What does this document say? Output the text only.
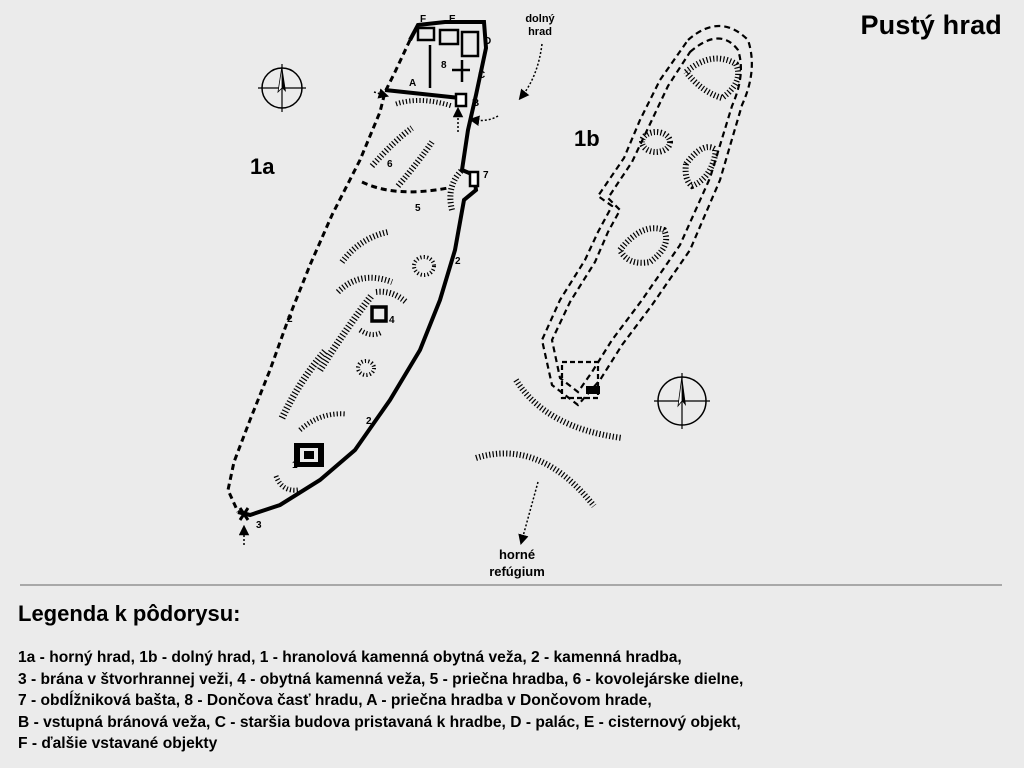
Pustý hrad
F E
D
C
B
A
8
7
6
5
4
3
2
2
2
1
1a
1b
dolný
hrad
horné
refúgium
Legenda k pôdorysu:
1a - horný hrad, 1b - dolný hrad, 1 - hranolová kamenná obytná veža, 2 - kamenná hradba,
3 - brána v štvorhrannej veži, 4 - obytná kamenná veža, 5 - priečna hradba, 6 - kovolejárske dielne,
7 - obdĺžniková bašta, 8 - Dončova časť hradu, A - priečna hradba v Dončovom hrade,
B - vstupná bránová veža, C - staršia budova pristavaná k hradbe, D - palác, E - cisternový objekt,
F - ďalšie vstavané objekty
